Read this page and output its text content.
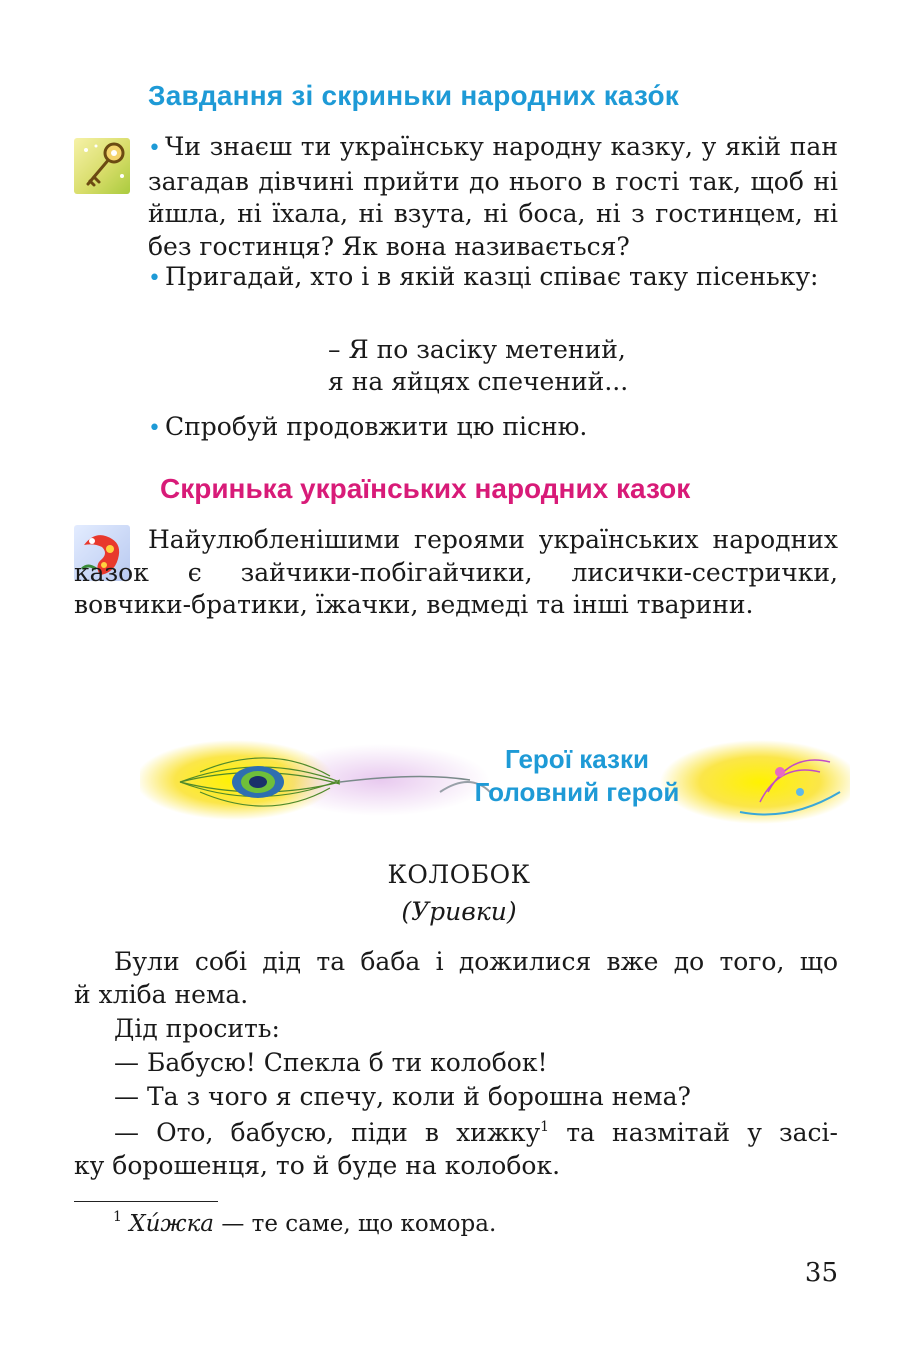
Завдання зі скриньки народних казо́к
• Чи знаєш ти українську народну казку, у якій пан загадав дівчині прийти до нього в гості так, щоб ні йшла, ні їхала, ні взута, ні боса, ні з гостинцем, ні без гостинця? Як вона називається?
• Пригадай, хто і в якій казці співає таку пісеньку:
– Я по засіку метений,
я на яйцях спечений...
• Спробуй продовжити цю пісню.
Скринька українських народних казок
Найулюбленішими героями українських народних казок є зайчики-побігайчики, лисички-сестрички, вовчики-братики, їжачки, ведмеді та інші тварини.
Герої казки
Головний герой
КОЛОБОК
(Уривки)
Були собі дід та баба і дожилися вже до того, що
й хліба нема.
Дід просить:
— Бабусю! Спекла б ти колобок!
— Та з чого я спечу, коли й борошна нема?
— Ото, бабусю, піди в хижку$^1$ та назмітай у засі-
ку борошенця, то й буде на колобок.
$^1$ Хи́жка — те саме, що комора.
35
